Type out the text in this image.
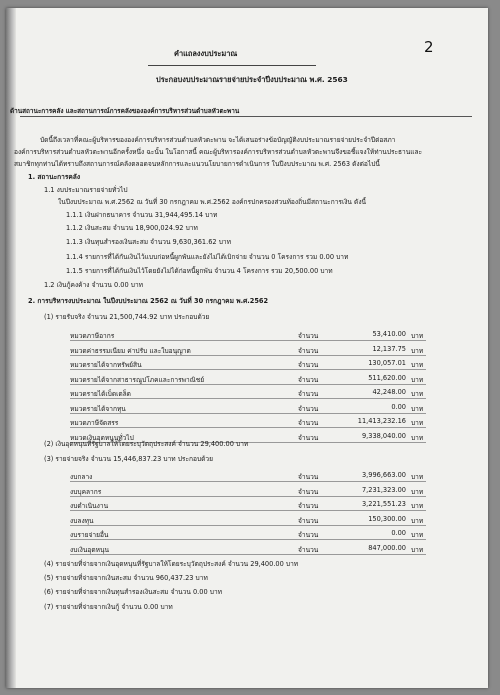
2
คำแถลงงบประมาณ
ประกอบงบประมาณรายจ่ายประจำปีงบประมาณ พ.ศ. 2563
ด้านสถานะการคลัง และสถานการณ์การคลังขององค์การบริหารส่วนตำบลหัวตะพาน
บัดนี้ถึงเวลาที่คณะผู้บริหารขององค์การบริหารส่วนตำบลหัวตะพาน จะได้เสนอร่างข้อบัญญัติงบประมาณรายจ่ายประจำปีต่อสภา
องค์การบริหารส่วนตำบลหัวตะพานอีกครั้งหนึ่ง ฉะนั้น ในโอกาสนี้ คณะผู้บริหารองค์การบริหารส่วนตำบลหัวตะพานจึงขอชี้แจงให้ท่านประธานและ
สมาชิกทุกท่านได้ทราบถึงสถานการณ์คลังตลอดจนหลักการและแนวนโยบายการดำเนินการ ในปีงบประมาณ พ.ศ. 2563 ดังต่อไปนี้
1. สถานะการคลัง
1.1 งบประมาณรายจ่ายทั่วไป
ในปีงบประมาณ พ.ศ.2562 ณ วันที่ 30 กรกฎาคม พ.ศ.2562 องค์กรปกครองส่วนท้องถิ่นมีสถานะการเงิน ดังนี้
1.1.1 เงินฝากธนาคาร จำนวน 31,944,495.14 บาท
1.1.2 เงินสะสม จำนวน 18,900,024.92 บาท
1.1.3 เงินทุนสำรองเงินสะสม จำนวน 9,630,361.62 บาท
1.1.4 รายการที่ได้กันเงินไว้แบบก่อหนี้ผูกพันและยังไม่ได้เบิกจ่าย จำนวน 0 โครงการ รวม 0.00 บาท
1.1.5 รายการที่ได้กันเงินไว้โดยยังไม่ได้ก่อหนี้ผูกพัน จำนวน 4 โครงการ รวม 20,500.00 บาท
1.2 เงินกู้คงค้าง จำนวน 0.00 บาท
2. การบริหารงบประมาณ ในปีงบประมาณ 2562 ณ วันที่ 30 กรกฎาคม พ.ศ.2562
(1) รายรับจริง จำนวน 21,500,744.92 บาท ประกอบด้วย
หมวดภาษีอากร	จำนวน	53,410.00 บาท
หมวดค่าธรรมเนียม ค่าปรับ และใบอนุญาต	จำนวน	12,137.75 บาท
หมวดรายได้จากทรัพย์สิน	จำนวน	130,057.01 บาท
หมวดรายได้จากสาธารณูปโภคและการพาณิชย์	จำนวน	511,620.00 บาท
หมวดรายได้เบ็ดเตล็ด	จำนวน	42,248.00 บาท
หมวดรายได้จากทุน	จำนวน	0.00 บาท
หมวดภาษีจัดสรร	จำนวน	11,413,232.16 บาท
หมวดเงินอุดหนุนทั่วไป	จำนวน	9,338,040.00 บาท
(2) เงินอุดหนุนที่รัฐบาลให้โดยระบุวัตถุประสงค์ จำนวน 29,400.00 บาท
(3) รายจ่ายจริง จำนวน 15,446,837.23 บาท ประกอบด้วย
งบกลาง	จำนวน	3,996,663.00 บาท
งบบุคลากร	จำนวน	7,231,323.00 บาท
งบดำเนินงาน	จำนวน	3,221,551.23 บาท
งบลงทุน	จำนวน	150,300.00 บาท
งบรายจ่ายอื่น	จำนวน	0.00 บาท
งบเงินอุดหนุน	จำนวน	847,000.00 บาท
(4) รายจ่ายที่จ่ายจากเงินอุดหนุนที่รัฐบาลให้โดยระบุวัตถุประสงค์ จำนวน 29,400.00 บาท
(5) รายจ่ายที่จ่ายจากเงินสะสม จำนวน 960,437.23 บาท
(6) รายจ่ายที่จ่ายจากเงินทุนสำรองเงินสะสม จำนวน 0.00 บาท
(7) รายจ่ายที่จ่ายจากเงินกู้ จำนวน 0.00 บาท
